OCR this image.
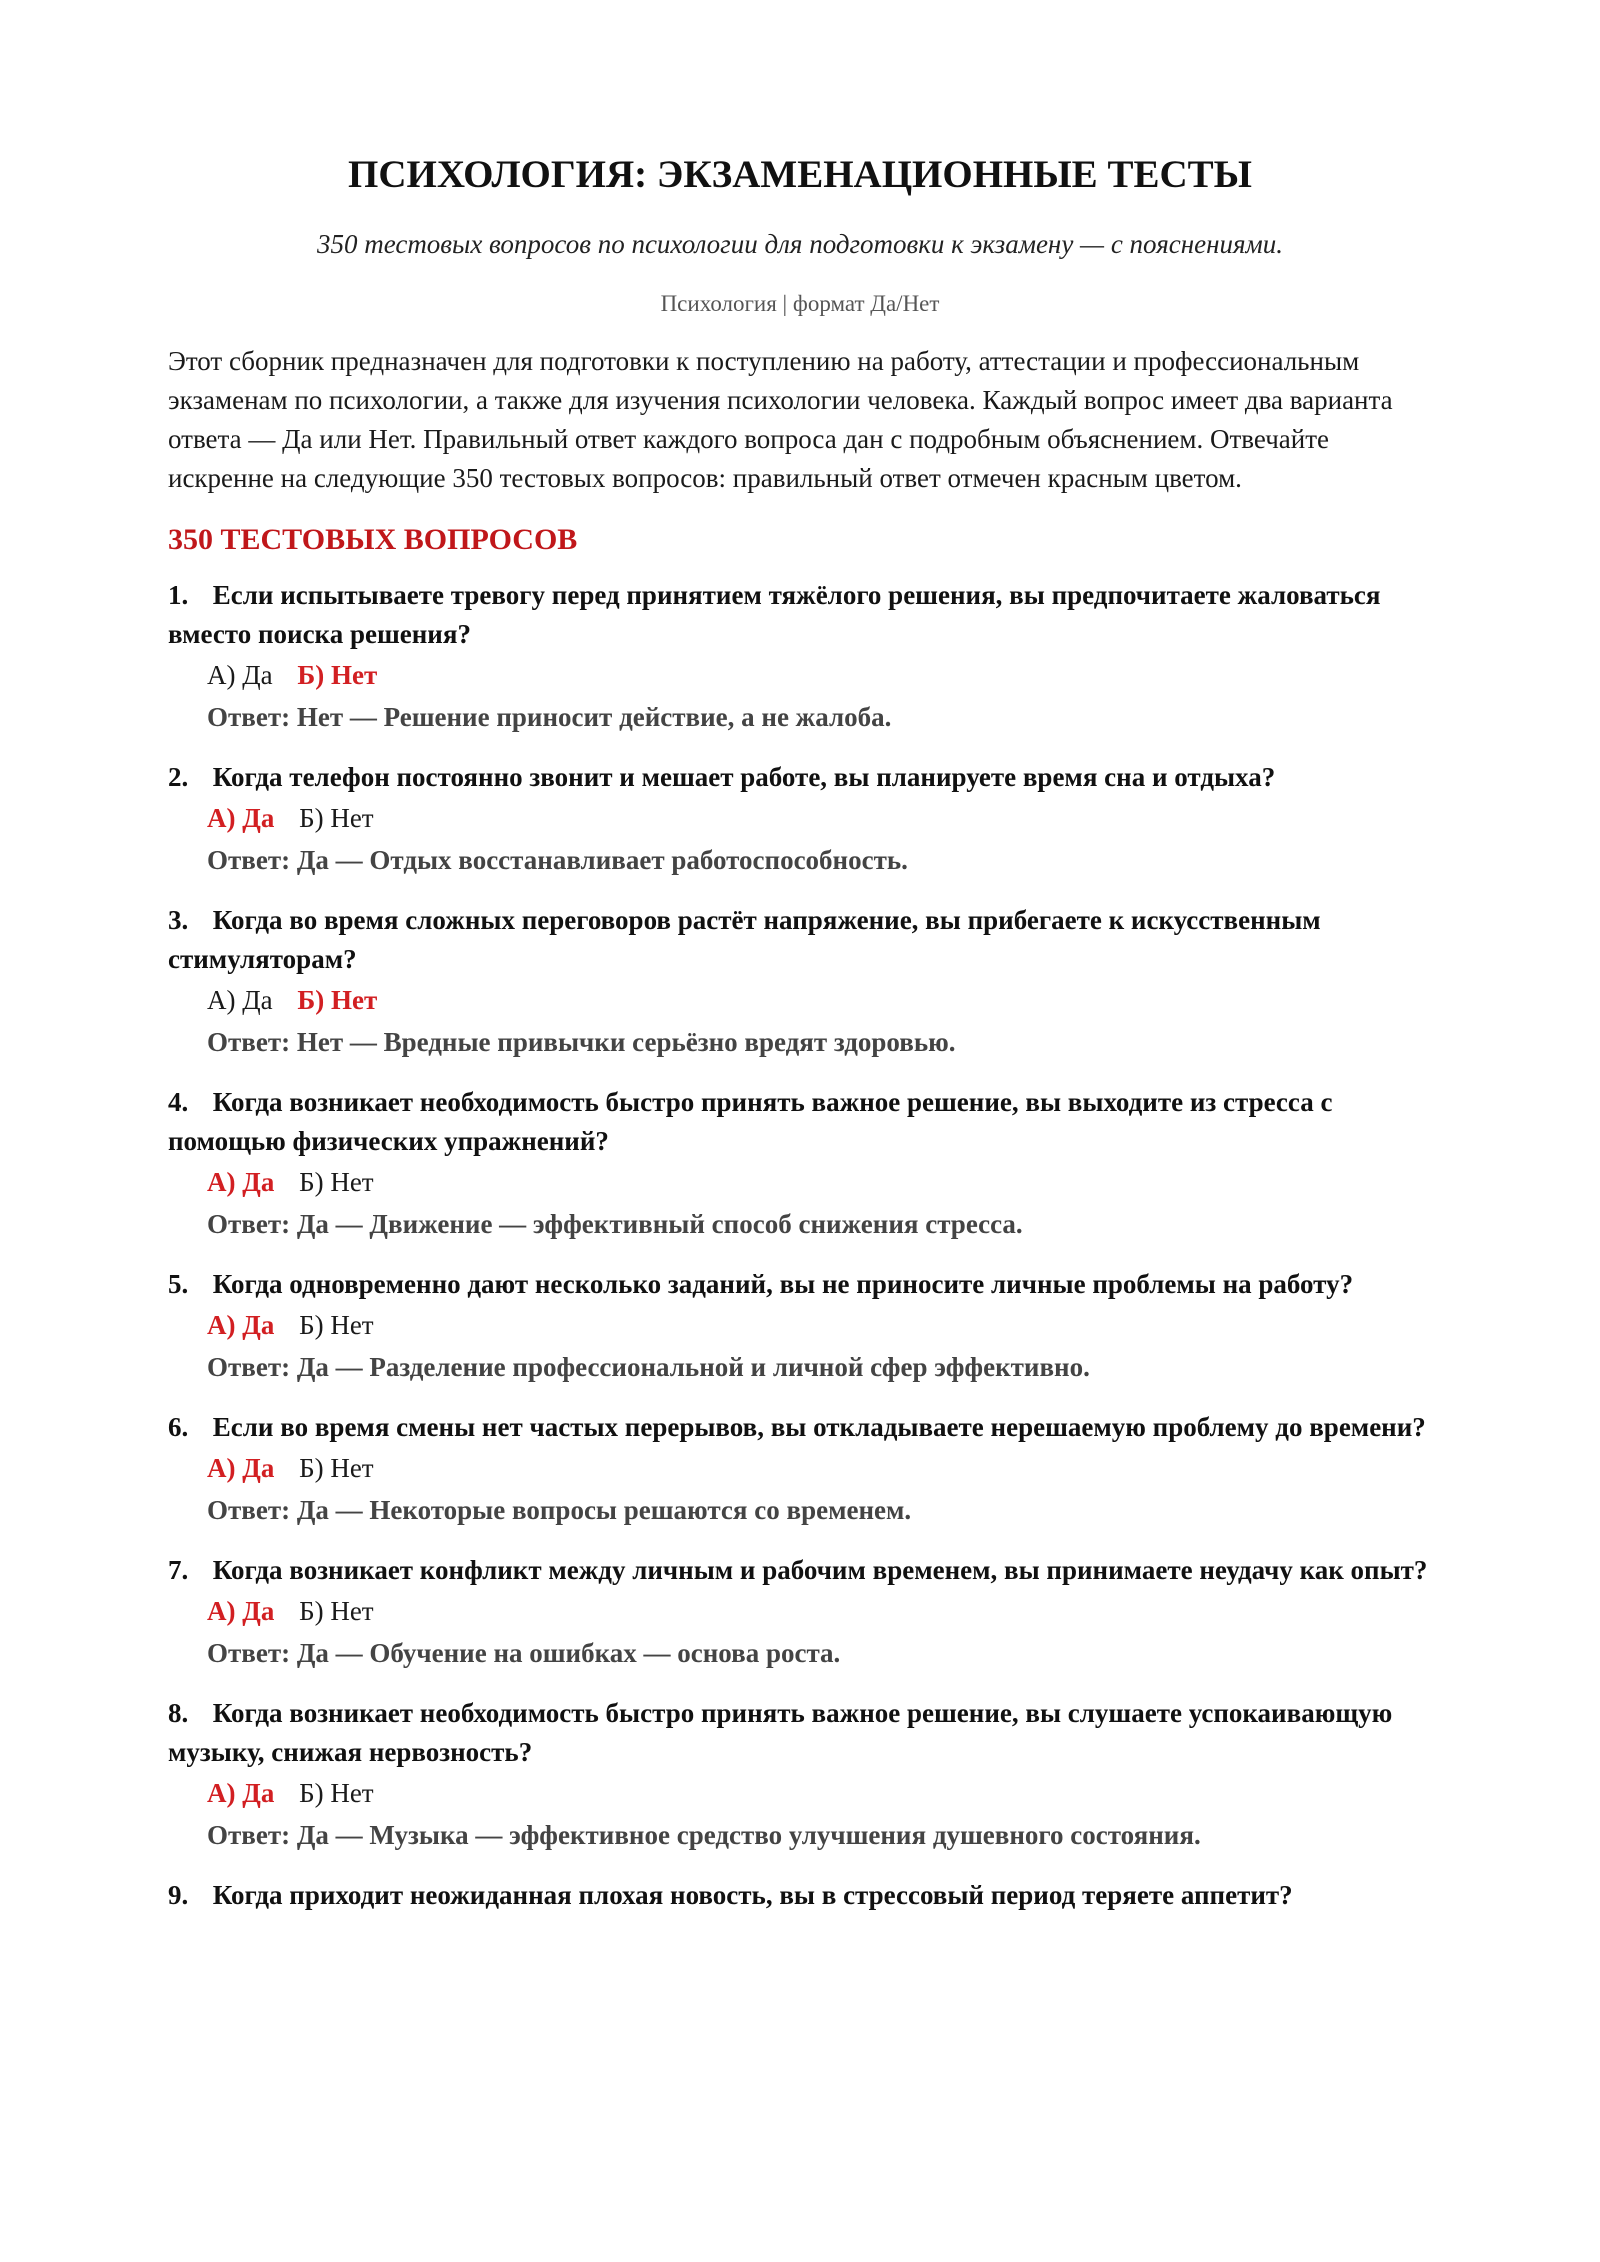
ПСИХОЛОГИЯ: ЭКЗАМЕНАЦИОННЫЕ ТЕСТЫ

350 тестовых вопросов по психологии для подготовки к экзамену — с пояснениями.

Психология | формат Да/Нет

Этот сборник предназначен для подготовки к поступлению на работу, аттестации и профессиональным экзаменам по психологии, а также для изучения психологии человека. Каждый вопрос имеет два варианта ответа — Да или Нет. Правильный ответ каждого вопроса дан с подробным объяснением. Отвечайте искренне на следующие 350 тестовых вопросов: правильный ответ отмечен красным цветом.

350 ТЕСТОВЫХ ВОПРОСОВ

1. Если испытываете тревогу перед принятием тяжёлого решения, вы предпочитаете жаловаться вместо поиска решения?

А) Да Б) Нет

Ответ: Нет — Решение приносит действие, а не жалоба.

2. Когда телефон постоянно звонит и мешает работе, вы планируете время сна и отдыха?

А) Да Б) Нет

Ответ: Да — Отдых восстанавливает работоспособность.

3. Когда во время сложных переговоров растёт напряжение, вы прибегаете к искусственным стимуляторам?

А) Да Б) Нет

Ответ: Нет — Вредные привычки серьёзно вредят здоровью.

4. Когда возникает необходимость быстро принять важное решение, вы выходите из стресса с помощью физических упражнений?

А) Да Б) Нет

Ответ: Да — Движение — эффективный способ снижения стресса.

5. Когда одновременно дают несколько заданий, вы не приносите личные проблемы на работу?

А) Да Б) Нет

Ответ: Да — Разделение профессиональной и личной сфер эффективно.

6. Если во время смены нет частых перерывов, вы откладываете нерешаемую проблему до времени?

А) Да Б) Нет

Ответ: Да — Некоторые вопросы решаются со временем.

7. Когда возникает конфликт между личным и рабочим временем, вы принимаете неудачу как опыт?

А) Да Б) Нет

Ответ: Да — Обучение на ошибках — основа роста.

8. Когда возникает необходимость быстро принять важное решение, вы слушаете успокаивающую музыку, снижая нервозность?

А) Да Б) Нет

Ответ: Да — Музыка — эффективное средство улучшения душевного состояния.

9. Когда приходит неожиданная плохая новость, вы в стрессовый период теряете аппетит?
